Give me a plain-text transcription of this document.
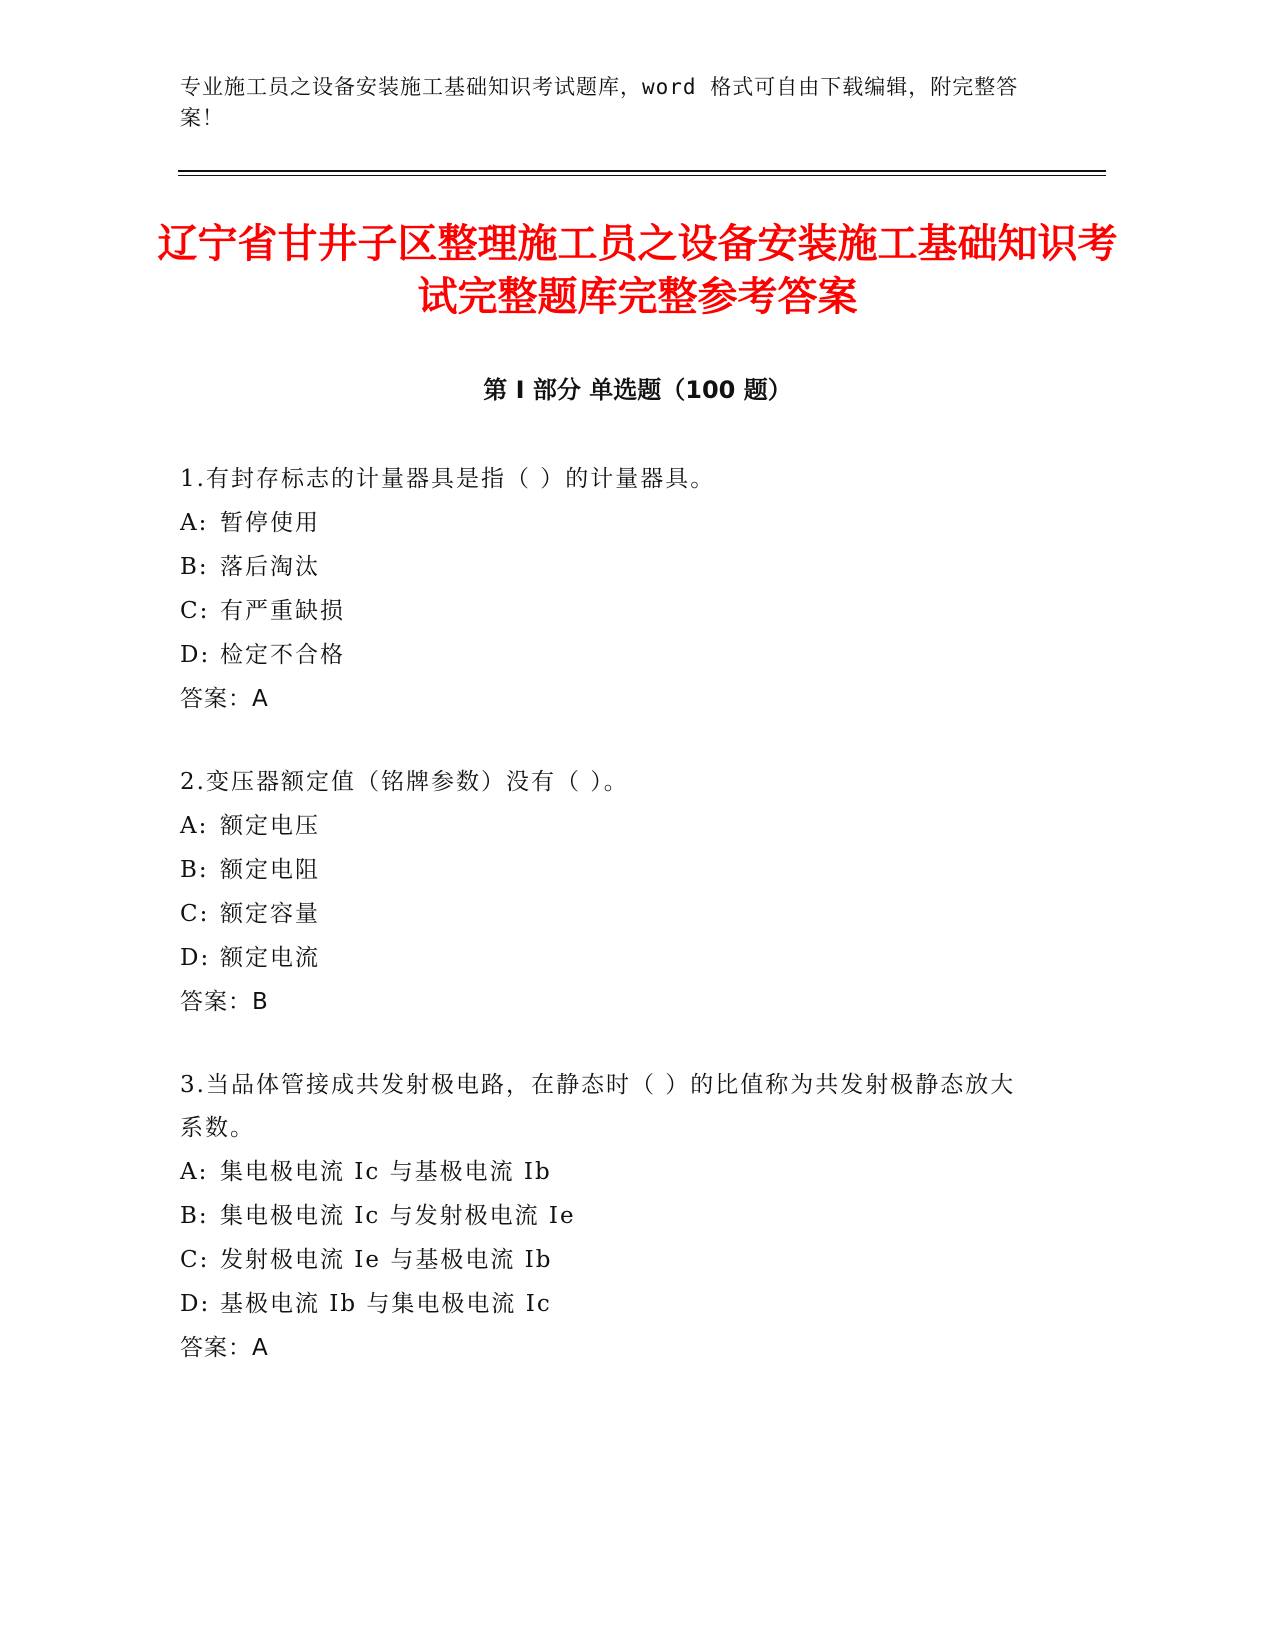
专业施工员之设备安装施工基础知识考试题库，word 格式可自由下载编辑，附完整答案！
辽宁省甘井子区整理施工员之设备安装施工基础知识考试完整题库完整参考答案
第 I 部分 单选题（100 题）
1.有封存标志的计量器具是指（ ）的计量器具。
A: 暂停使用
B: 落后淘汰
C: 有严重缺损
D: 检定不合格
答案：A
2.变压器额定值（铭牌参数）没有（ ）。
A: 额定电压
B: 额定电阻
C: 额定容量
D: 额定电流
答案：B
3.当品体管接成共发射极电路，在静态时（ ）的比值称为共发射极静态放大系数。
A: 集电极电流 Ic 与基极电流 Ib
B: 集电极电流 Ic 与发射极电流 Ie
C: 发射极电流 Ie 与基极电流 Ib
D: 基极电流 Ib 与集电极电流 Ic
答案：A
